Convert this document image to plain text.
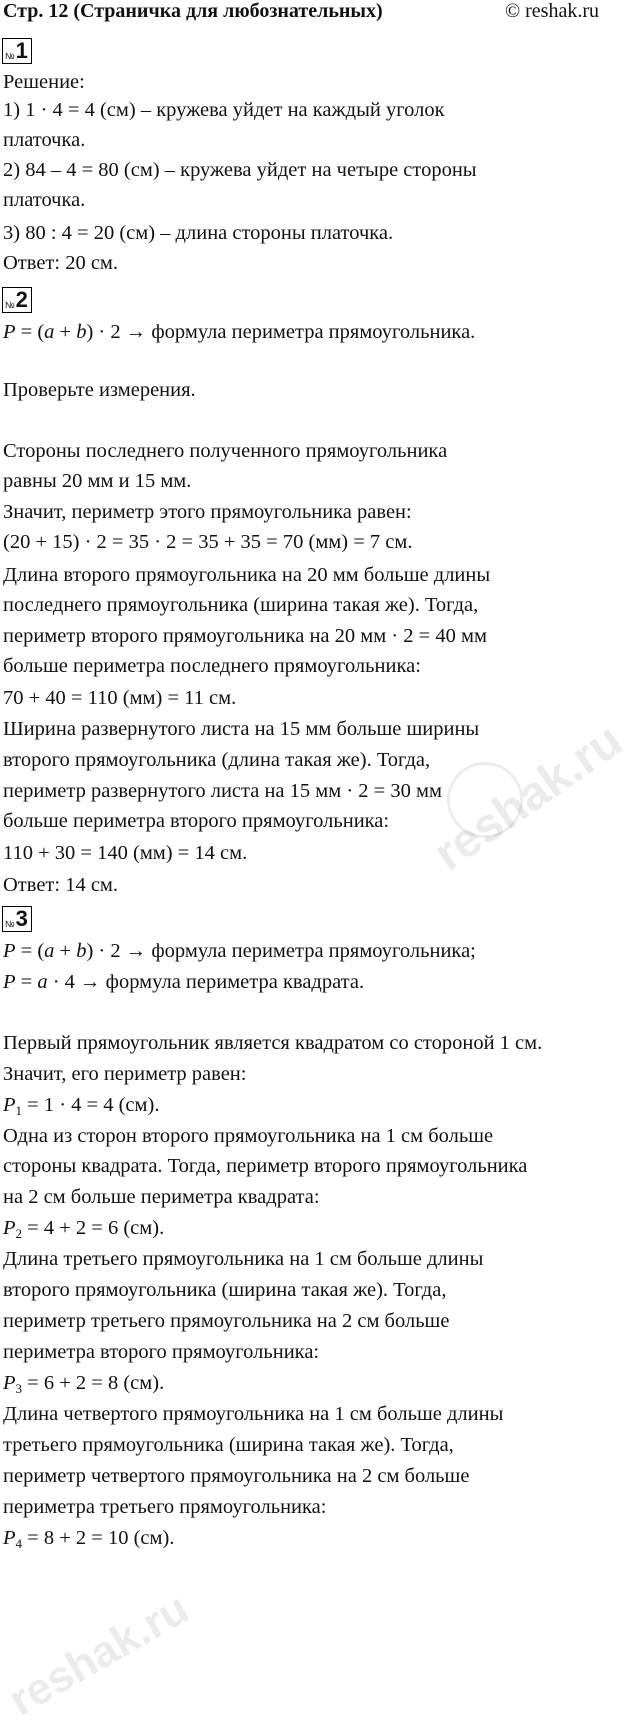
Стр. 12 (Страничка для любознательных)	© reshak.ru
№ 1
Решение:
1) 1 · 4 = 4 (см) – кружева уйдет на каждый уголок
платочка.
2) 84 – 4 = 80 (см) – кружева уйдет на четыре стороны
платочка.
3) 80 : 4 = 20 (см) – длина стороны платочка.
Ответ: 20 см.
№ 2
P = (a + b) · 2 → формула периметра прямоугольника.
Проверьте измерения.
Стороны последнего полученного прямоугольника
равны 20 мм и 15 мм.
Значит, периметр этого прямоугольника равен:
(20 + 15) · 2 = 35 · 2 = 35 + 35 = 70 (мм) = 7 см.
Длина второго прямоугольника на 20 мм больше длины
последнего прямоугольника (ширина такая же). Тогда,
периметр второго прямоугольника на 20 мм · 2 = 40 мм
больше периметра последнего прямоугольника:
70 + 40 = 110 (мм) = 11 см.
Ширина развернутого листа на 15 мм больше ширины
второго прямоугольника (длина такая же). Тогда,
периметр развернутого листа на 15 мм · 2 = 30 мм
больше периметра второго прямоугольника:
110 + 30 = 140 (мм) = 14 см.
Ответ: 14 см.
№ 3
P = (a + b) · 2 → формула периметра прямоугольника;
P = a · 4 → формула периметра квадрата.
Первый прямоугольник является квадратом со стороной 1 см.
Значит, его периметр равен:
$P_1 = 1 \cdot 4 = 4$ (см).
Одна из сторон второго прямоугольника на 1 см больше
стороны квадрата. Тогда, периметр второго прямоугольника
на 2 см больше периметра квадрата:
$P_2 = 4 + 2 = 6$ (см).
Длина третьего прямоугольника на 1 см больше длины
второго прямоугольника (ширина такая же). Тогда,
периметр третьего прямоугольника на 2 см больше
периметра второго прямоугольника:
$P_3 = 6 + 2 = 8$ (см).
Длина четвертого прямоугольника на 1 см больше длины
третьего прямоугольника (ширина такая же). Тогда,
периметр четвертого прямоугольника на 2 см больше
периметра третьего прямоугольника:
$P_4 = 8 + 2 = 10$ (см).
reshak.ru
reshak.ru
